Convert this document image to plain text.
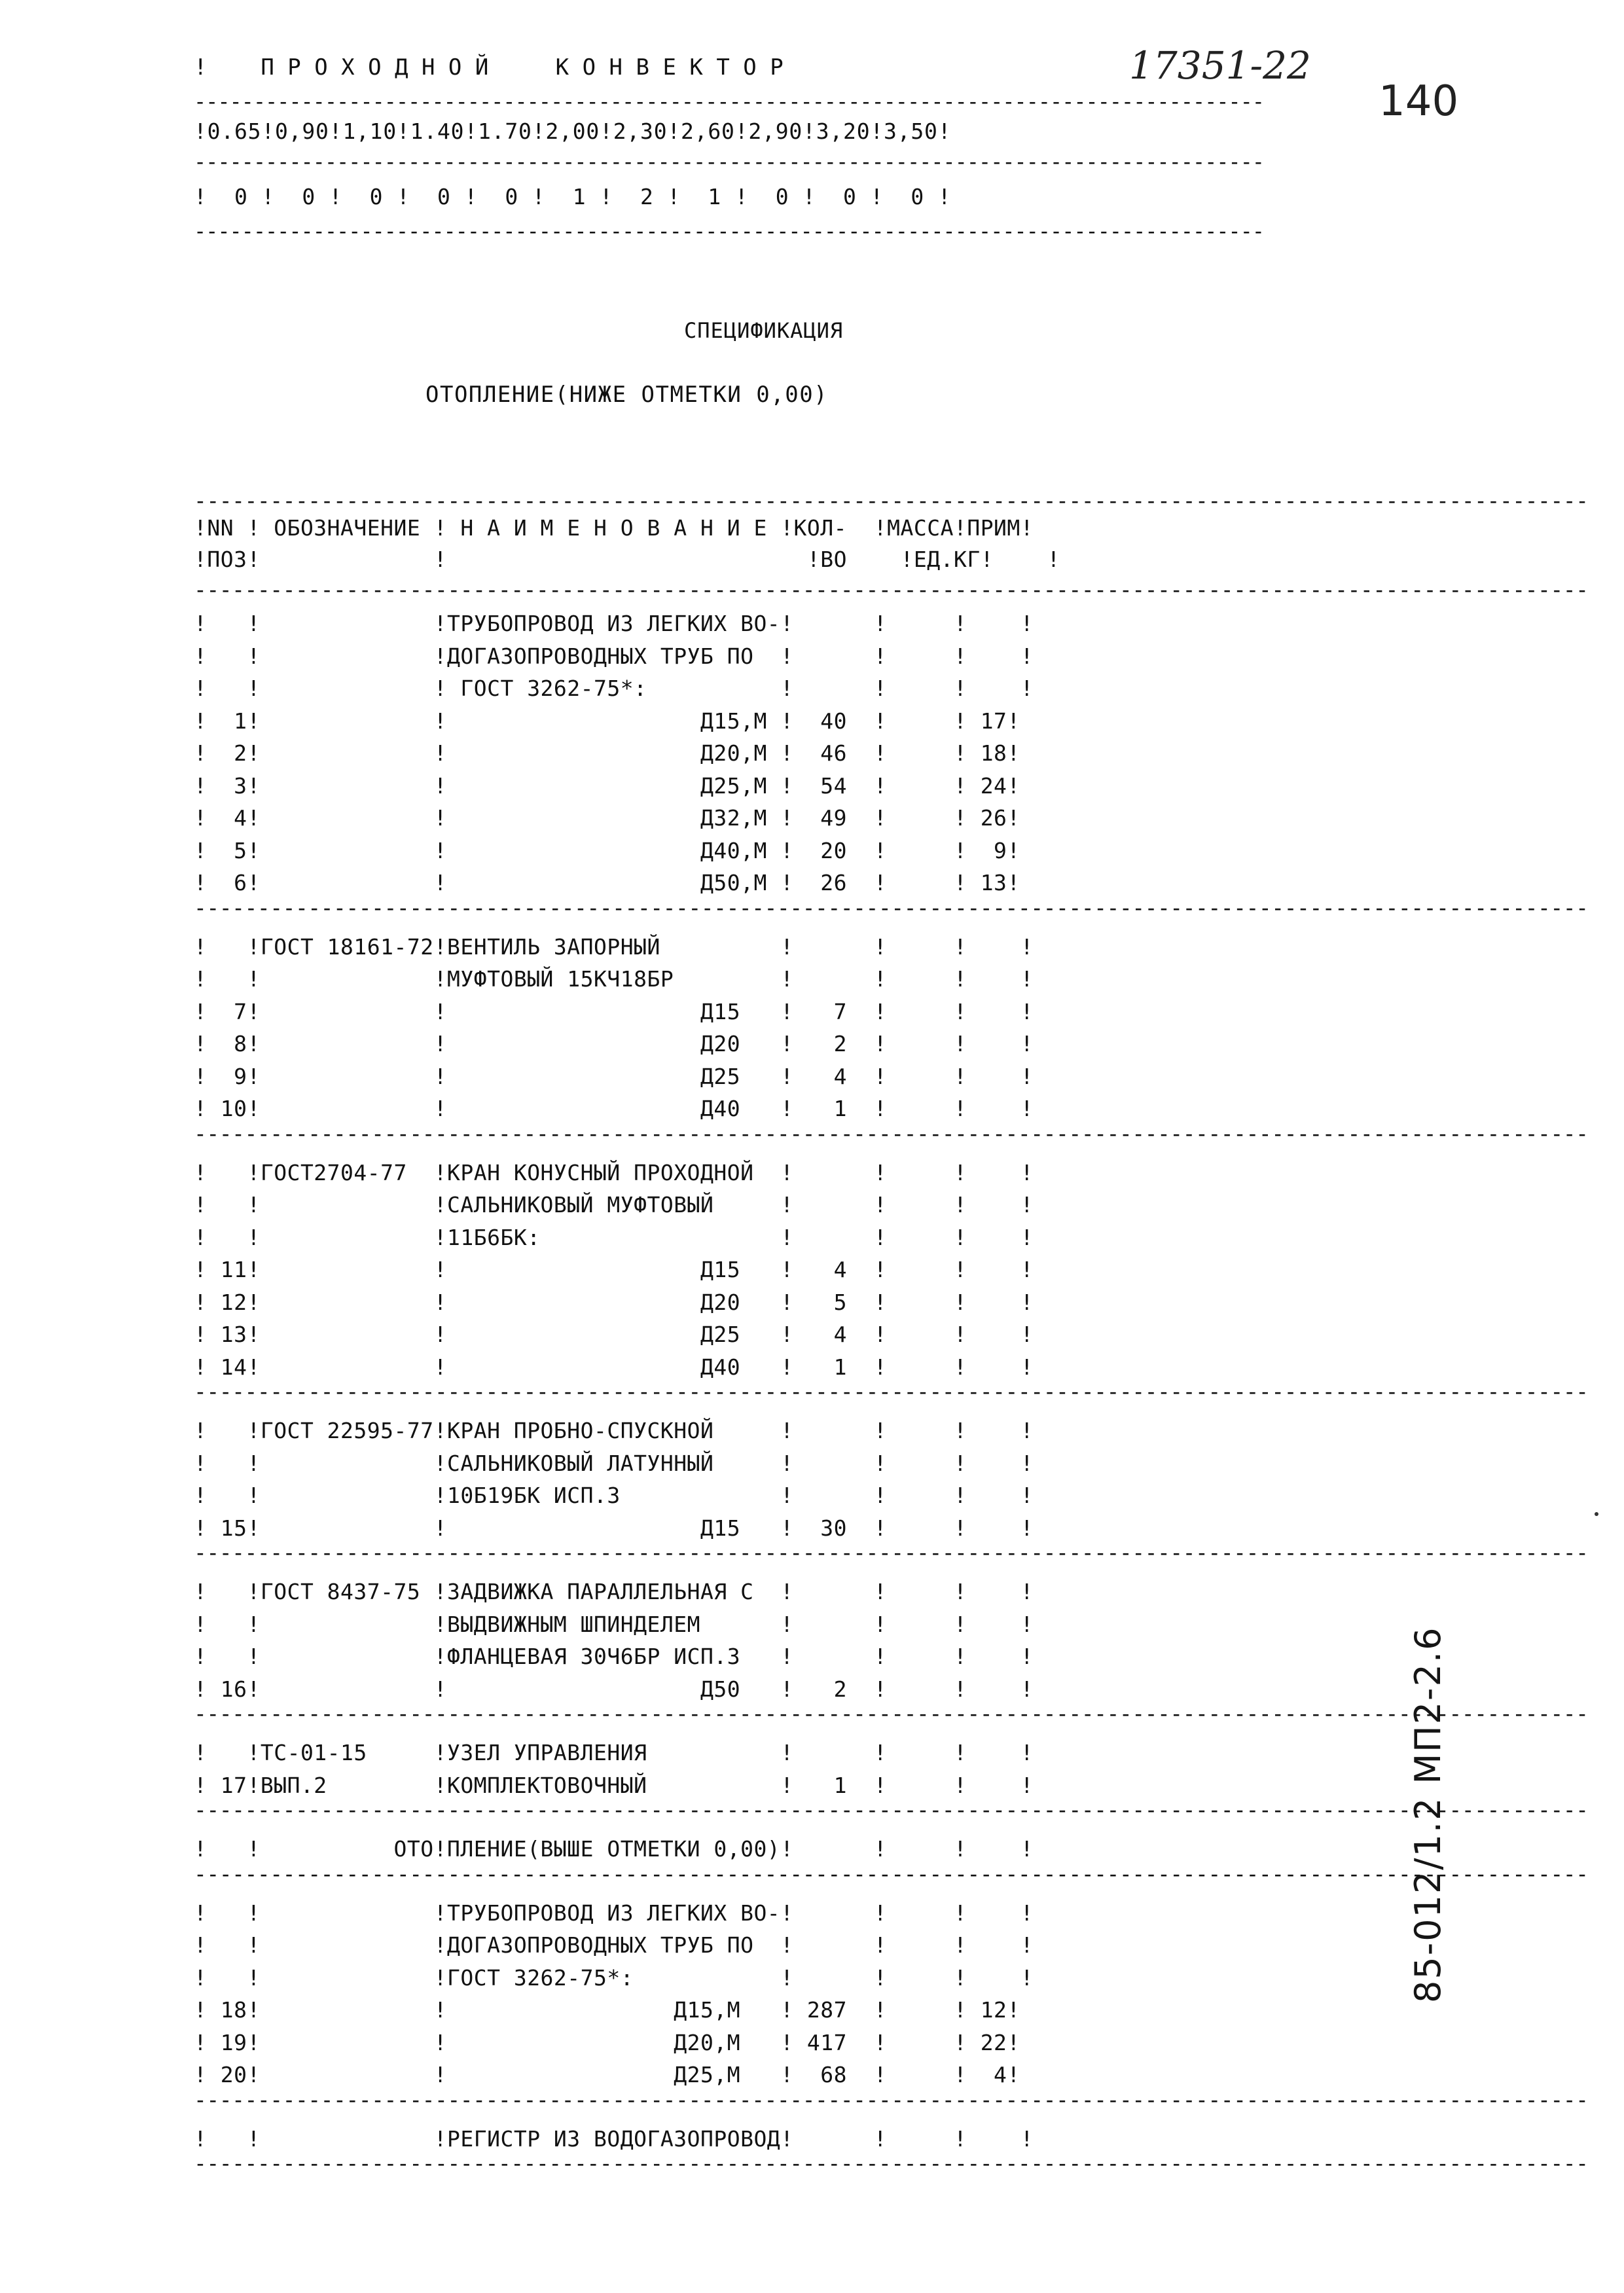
!    П Р О Х О Д Н О Й     К О Н В Е К Т О Р	17351-22
140
------------------------------------------------------------------------------------------
!0.65!0,90!1,10!1.40!1.70!2,00!2,30!2,60!2,90!3,20!3,50!
------------------------------------------------------------------------------------------
!  0 !  0 !  0 !  0 !  0 !  1 !  2 !  1 !  0 !  0 !  0 !
------------------------------------------------------------------------------------------
СПЕЦИФИКАЦИЯ
ОТОПЛЕНИЕ(НИЖЕ ОТМЕТКИ 0,00)
--------------------------------------------------------------------------------------------------------------
!NN ! ОБОЗНАЧЕНИЕ ! Н А И М Е Н О В А Н И Е !КОЛ-  !МАССА!ПРИМ!
!ПОЗ!             !                           !ВО    !ЕД.КГ!    !
--------------------------------------------------------------------------------------------------------------
!   !             !ТРУБОПРОВОД ИЗ ЛЕГКИХ ВО-!      !     !    !
!   !             !ДОГАЗОПРОВОДНЫХ ТРУБ ПО  !      !     !    !
!   !             ! ГОСТ 3262-75*:          !      !     !    !
!  1!             !                   Д15,М !  40  !     ! 17!
!  2!             !                   Д20,М !  46  !     ! 18!
!  3!             !                   Д25,М !  54  !     ! 24!
!  4!             !                   Д32,М !  49  !     ! 26!
!  5!             !                   Д40,М !  20  !     !  9!
!  6!             !                   Д50,М !  26  !     ! 13!
--------------------------------------------------------------------------------------------------------------
!   !ГОСТ 18161-72!ВЕНТИЛЬ ЗАПОРНЫЙ         !      !     !    !
!   !             !МУФТОВЫЙ 15КЧ18БР        !      !     !    !
!  7!             !                   Д15   !   7  !     !    !
!  8!             !                   Д20   !   2  !     !    !
!  9!             !                   Д25   !   4  !     !    !
! 10!             !                   Д40   !   1  !     !    !
--------------------------------------------------------------------------------------------------------------
!   !ГОСТ2704-77  !КРАН КОНУСНЫЙ ПРОХОДНОЙ  !      !     !    !
!   !             !САЛЬНИКОВЫЙ МУФТОВЫЙ     !      !     !    !
!   !             !11Б6БК:                  !      !     !    !
! 11!             !                   Д15   !   4  !     !    !
! 12!             !                   Д20   !   5  !     !    !
! 13!             !                   Д25   !   4  !     !    !
! 14!             !                   Д40   !   1  !     !    !
--------------------------------------------------------------------------------------------------------------
!   !ГОСТ 22595-77!КРАН ПРОБНО-СПУСКНОЙ     !      !     !    !
!   !             !САЛЬНИКОВЫЙ ЛАТУННЫЙ     !      !     !    !
!   !             !10Б19БК ИСП.3            !      !     !    !
! 15!             !                   Д15   !  30  !     !    !
--------------------------------------------------------------------------------------------------------------
!   !ГОСТ 8437-75 !ЗАДВИЖКА ПАРАЛЛЕЛЬНАЯ С  !      !     !    !
!   !             !ВЫДВИЖНЫМ ШПИНДЕЛЕМ      !      !     !    !
!   !             !ФЛАНЦЕВАЯ 30Ч6БР ИСП.3   !      !     !    !
! 16!             !                   Д50   !   2  !     !    !
--------------------------------------------------------------------------------------------------------------
!   !ТС-01-15     !УЗЕЛ УПРАВЛЕНИЯ          !      !     !    !
! 17!ВЫП.2        !КОМПЛЕКТОВОЧНЫЙ          !   1  !     !    !
--------------------------------------------------------------------------------------------------------------
!   !          ОТО!ПЛЕНИЕ(ВЫШЕ ОТМЕТКИ 0,00)!      !     !    !
--------------------------------------------------------------------------------------------------------------
!   !             !ТРУБОПРОВОД ИЗ ЛЕГКИХ ВО-!      !     !    !
!   !             !ДОГАЗОПРОВОДНЫХ ТРУБ ПО  !      !     !    !
!   !             !ГОСТ 3262-75*:           !      !     !    !
! 18!             !                 Д15,М   ! 287  !     ! 12!
! 19!             !                 Д20,М   ! 417  !     ! 22!
! 20!             !                 Д25,М   !  68  !     !  4!
--------------------------------------------------------------------------------------------------------------
!   !             !РЕГИСТР ИЗ ВОДОГАЗОПРОВОД!      !     !    !
--------------------------------------------------------------------------------------------------------------
85-012/1.2 МП2-2.6
